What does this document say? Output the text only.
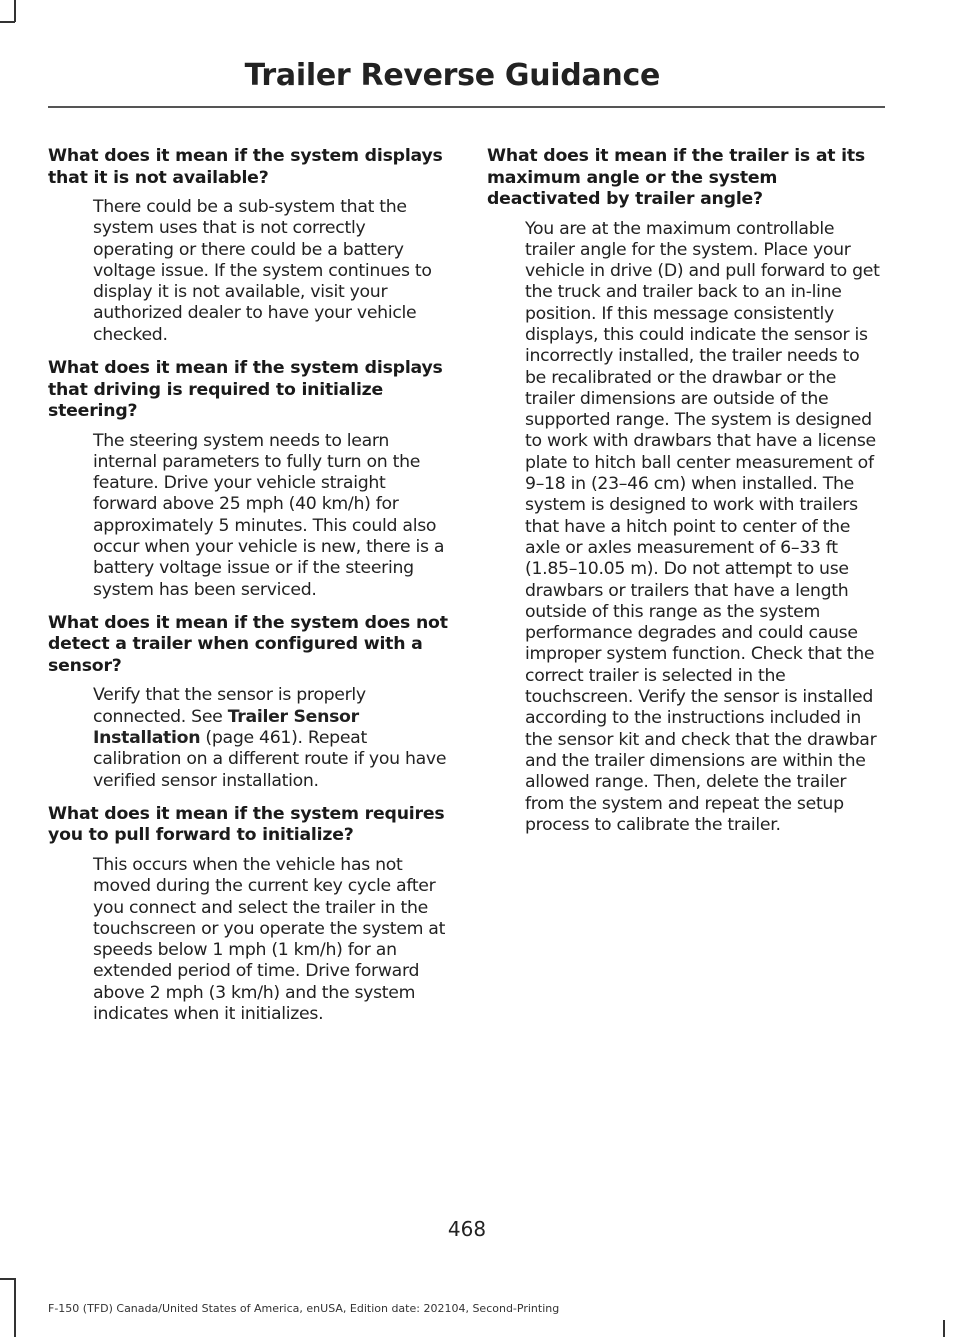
Trailer Reverse Guidance

What does it mean if the system displays that it is not available?

There could be a sub-system that the system uses that is not correctly operating or there could be a battery voltage issue. If the system continues to display it is not available, visit your authorized dealer to have your vehicle checked.

What does it mean if the system displays that driving is required to initialize steering?

The steering system needs to learn internal parameters to fully turn on the feature. Drive your vehicle straight forward above 25 mph (40 km/h) for approximately 5 minutes. This could also occur when your vehicle is new, there is a battery voltage issue or if the steering system has been serviced.

What does it mean if the system does not detect a trailer when configured with a sensor?

Verify that the sensor is properly connected. See Trailer Sensor Installation (page 461). Repeat calibration on a different route if you have verified sensor installation.

What does it mean if the system requires you to pull forward to initialize?

This occurs when the vehicle has not moved during the current key cycle after you connect and select the trailer in the touchscreen or you operate the system at speeds below 1 mph (1 km/h) for an extended period of time. Drive forward above 2 mph (3 km/h) and the system indicates when it initializes.

What does it mean if the trailer is at its maximum angle or the system deactivated by trailer angle?

You are at the maximum controllable trailer angle for the system. Place your vehicle in drive (D) and pull forward to get the truck and trailer back to an in-line position. If this message consistently displays, this could indicate the sensor is incorrectly installed, the trailer needs to be recalibrated or the drawbar or the trailer dimensions are outside of the supported range. The system is designed to work with drawbars that have a license plate to hitch ball center measurement of 9–18 in (23–46 cm) when installed. The system is designed to work with trailers that have a hitch point to center of the axle or axles measurement of 6–33 ft (1.85–10.05 m). Do not attempt to use drawbars or trailers that have a length outside of this range as the system performance degrades and could cause improper system function. Check that the correct trailer is selected in the touchscreen. Verify the sensor is installed according to the instructions included in the sensor kit and check that the drawbar and the trailer dimensions are within the allowed range. Then, delete the trailer from the system and repeat the setup process to calibrate the trailer.

468
F-150 (TFD) Canada/United States of America, enUSA, Edition date: 202104, Second-Printing
